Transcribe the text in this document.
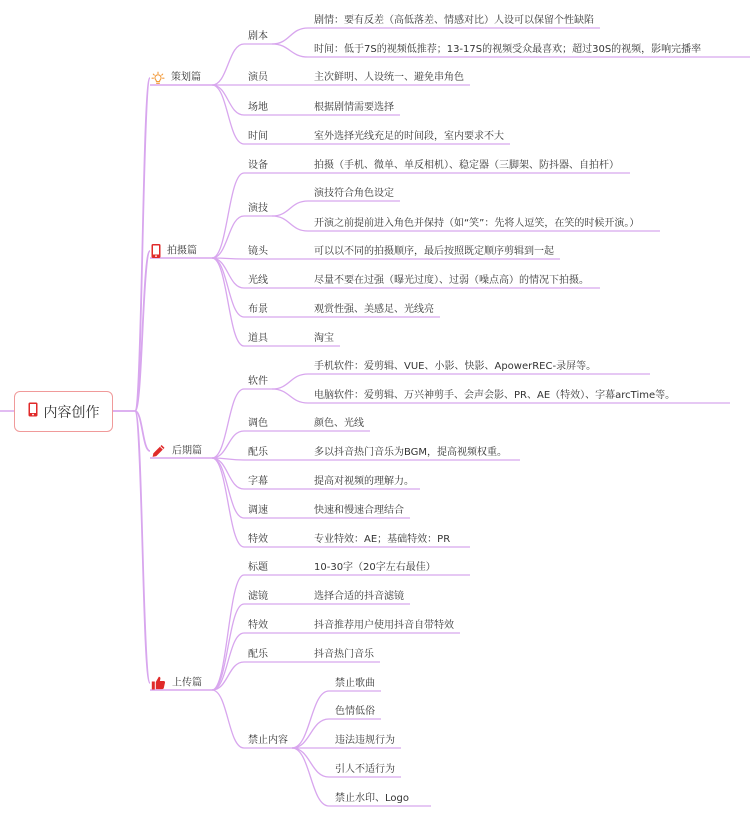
内容创作
策划篇
剧本
剧情：要有反差（高低落差、情感对比）人设可以保留个性缺陷
时间：低于7S的视频低推荐；13-17S的视频受众最喜欢；超过30S的视频，影响完播率
演员	主次鲜明、人设统一、避免串角色
场地	根据剧情需要选择
时间	室外选择光线充足的时间段，室内要求不大
拍摄篇
设备	拍摄（手机、微单、单反相机）、稳定器（三脚架、防抖器、自拍杆）
演技
演技符合角色设定
开演之前提前进入角色并保持（如“笑”：先将人逗笑，在笑的时候开演。）
镜头	可以以不同的拍摄顺序，最后按照既定顺序剪辑到一起
光线	尽量不要在过强（曝光过度）、过弱（噪点高）的情况下拍摄。
布景	观赏性强、美感足、光线亮
道具	淘宝
后期篇
软件
手机软件：爱剪辑、VUE、小影、快影、ApowerREC-录屏等。
电脑软件：爱剪辑、万兴神剪手、会声会影、PR、AE（特效）、字幕arcTime等。
调色	颜色、光线
配乐	多以抖音热门音乐为BGM，提高视频权重。
字幕	提高对视频的理解力。
调速	快速和慢速合理结合
特效	专业特效：AE；基础特效：PR
上传篇
标题	10-30字（20字左右最佳）
滤镜	选择合适的抖音滤镜
特效	抖音推荐用户使用抖音自带特效
配乐	抖音热门音乐
禁止内容
禁止歌曲
色情低俗
违法违规行为
引人不适行为
禁止水印、Logo
